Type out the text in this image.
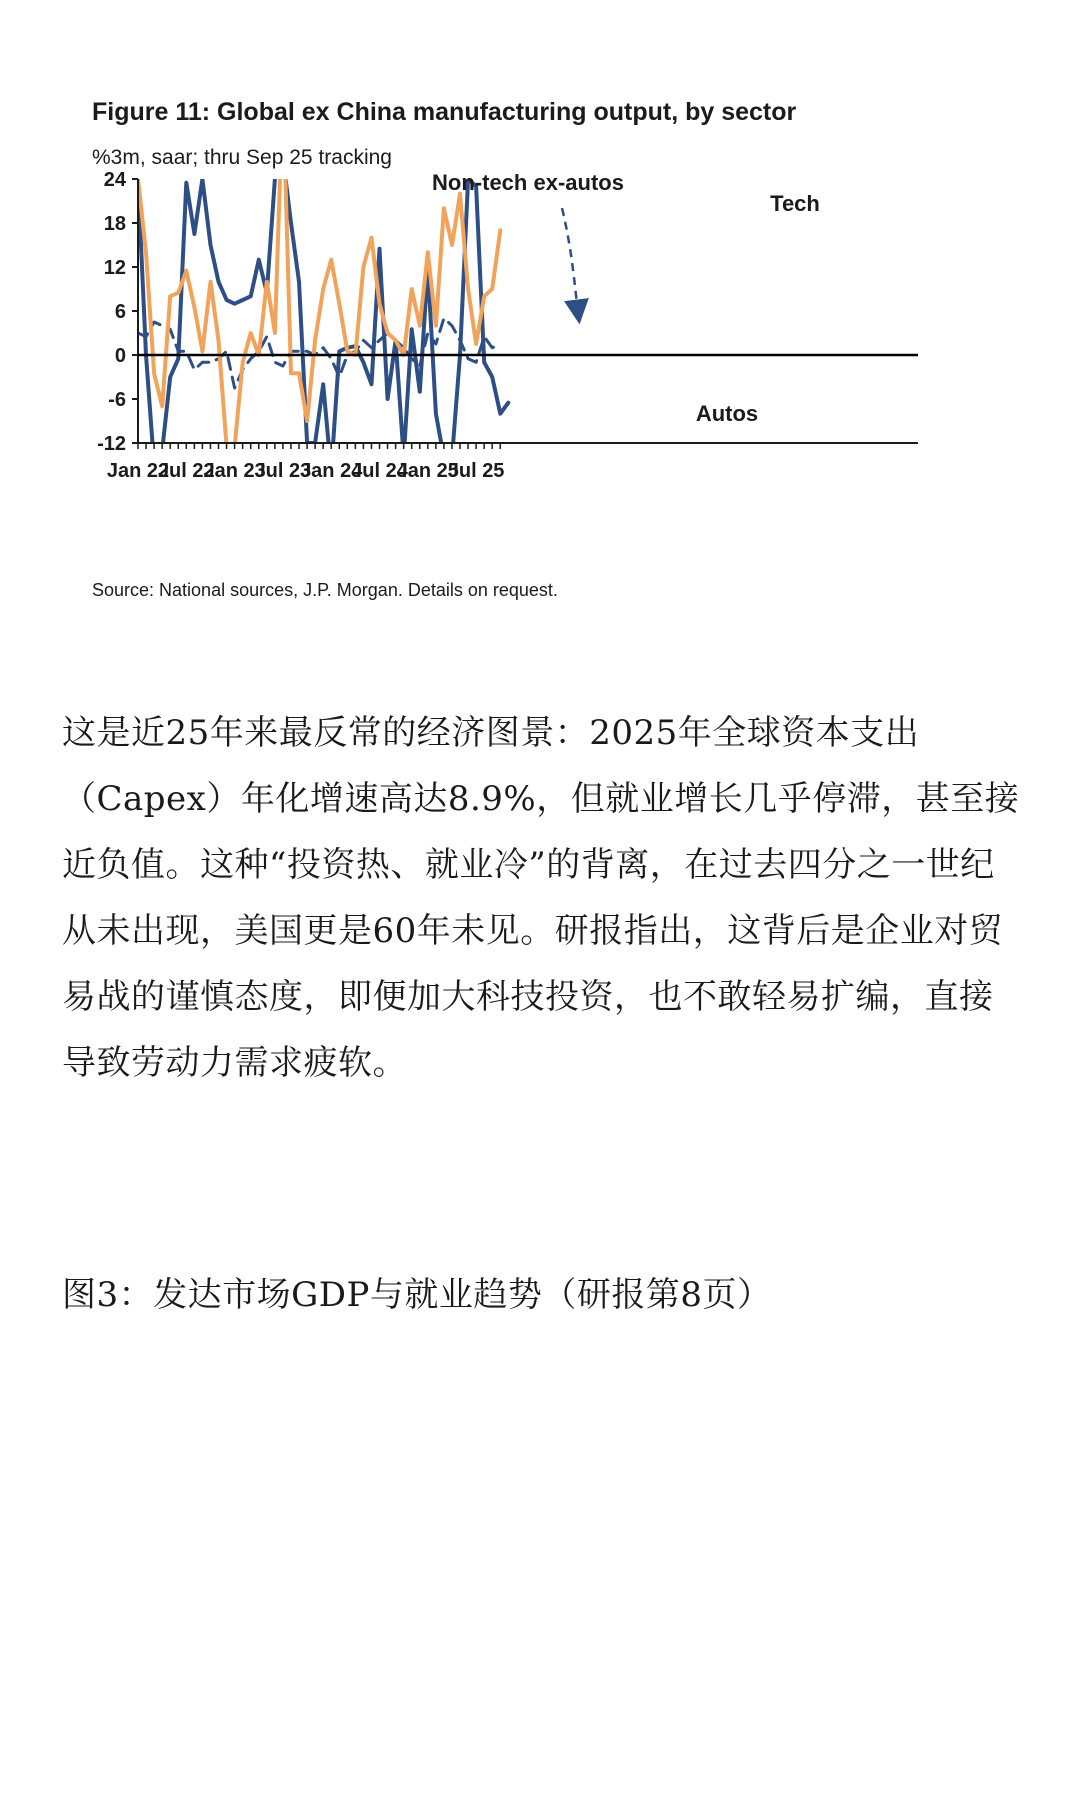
Figure 11: Global ex China manufacturing output, by sector
%3m, saar; thru Sep 25 tracking
24
18
12
6
0
-6
-12
Jan 22
Jul 22
Jan 23
Jul 23
Jan 24
Jul 24
Jan 25
Jul 25
Non-tech ex-autos
Tech
Autos
Source: National sources, J.P. Morgan. Details on request.
这是近25年来最反常的经济图景：2025年全球资本支出（Capex）年化增速高达8.9%，但就业增长几乎停滞，甚至接近负值。这种“投资热、就业冷”的背离，在过去四分之一世纪从未出现，美国更是60年未见。研报指出，这背后是企业对贸易战的谨慎态度，即便加大科技投资，也不敢轻易扩编，直接导致劳动力需求疲软。
图3：发达市场GDP与就业趋势（研报第8页）
